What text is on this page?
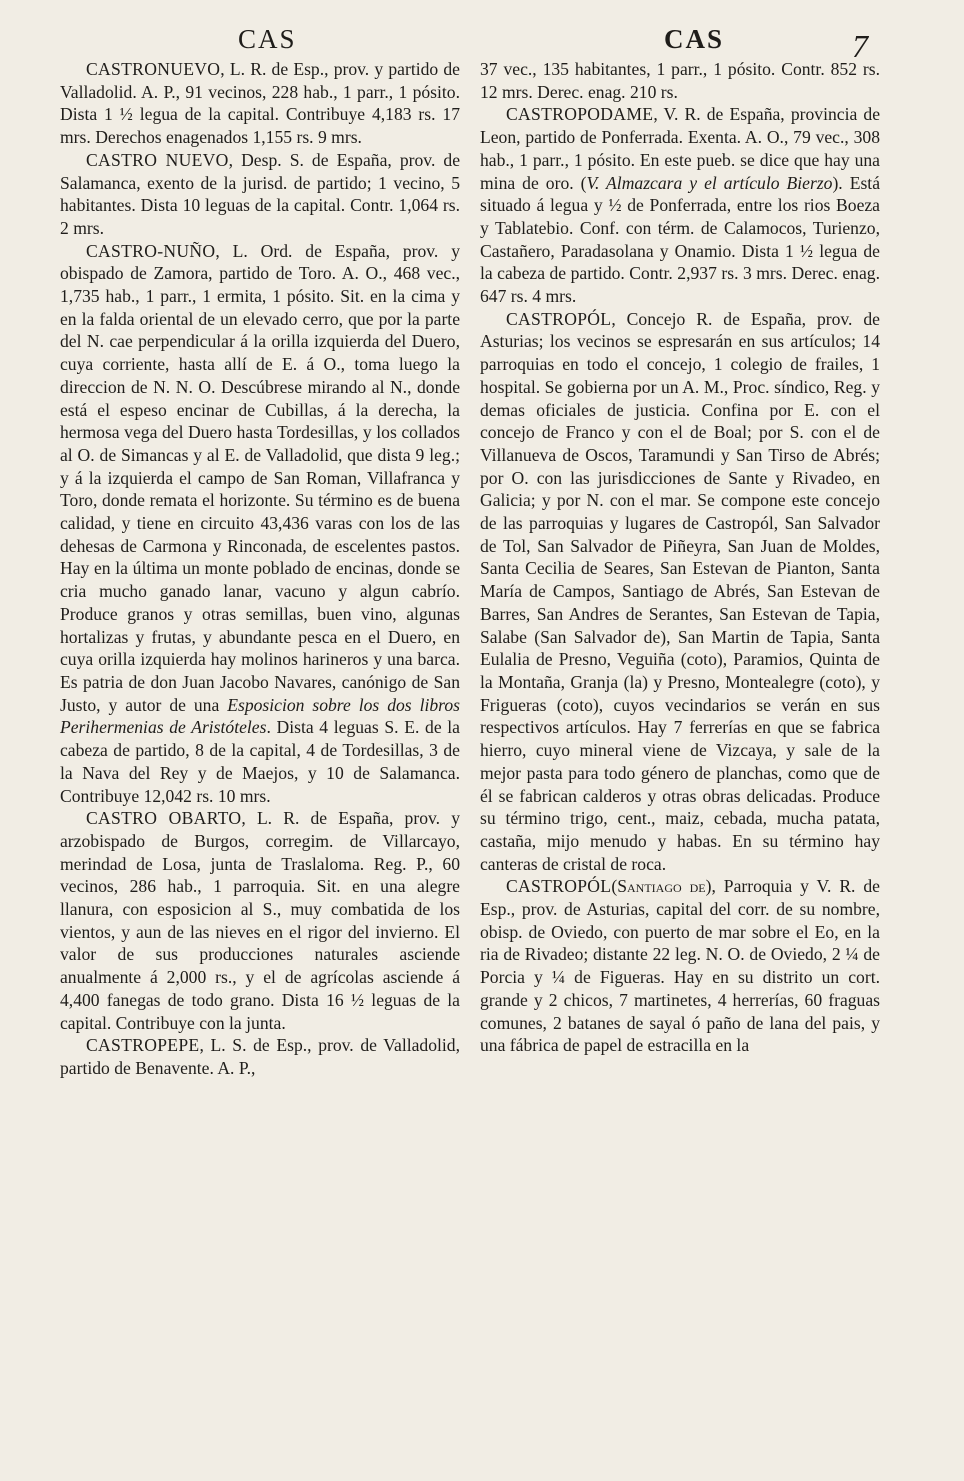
CAS	CAS	7

CASTRONUEVO, L. R. de Esp., prov. y partido de Valladolid. A. P., 91 vecinos, 228 hab., 1 parr., 1 pósito. Dista 1 ½ legua de la capital. Contribuye 4,183 rs. 17 mrs. Derechos enagenados 1,155 rs. 9 mrs.

CASTRO NUEVO, Desp. S. de España, prov. de Salamanca, exento de la jurisd. de partido; 1 vecino, 5 habitantes. Dista 10 leguas de la capital. Contr. 1,064 rs. 2 mrs.

CASTRO-NUÑO, L. Ord. de España, prov. y obispado de Zamora, partido de Toro. A. O., 468 vec., 1,735 hab., 1 parr., 1 ermita, 1 pósito. Sit. en la cima y en la falda oriental de un elevado cerro, que por la parte del N. cae perpendicular á la orilla izquierda del Duero, cuya corriente, hasta allí de E. á O., toma luego la direccion de N. N. O. Descúbrese mirando al N., donde está el espeso encinar de Cubillas, á la derecha, la hermosa vega del Duero hasta Tordesillas, y los collados al O. de Simancas y al E. de Valladolid, que dista 9 leg.; y á la izquierda el campo de San Roman, Villafranca y Toro, donde remata el horizonte. Su término es de buena calidad, y tiene en circuito 43,436 varas con los de las dehesas de Carmona y Rinconada, de escelentes pastos. Hay en la última un monte poblado de encinas, donde se cria mucho ganado lanar, vacuno y algun cabrío. Produce granos y otras semillas, buen vino, algunas hortalizas y frutas, y abundante pesca en el Duero, en cuya orilla izquierda hay molinos harineros y una barca. Es patria de don Juan Jacobo Navares, canónigo de San Justo, y autor de una Esposicion sobre los dos libros Perihermenias de Aristóteles. Dista 4 leguas S. E. de la cabeza de partido, 8 de la capital, 4 de Tordesillas, 3 de la Nava del Rey y de Maejos, y 10 de Salamanca. Contribuye 12,042 rs. 10 mrs.

CASTRO OBARTO, L. R. de España, prov. y arzobispado de Burgos, corregim. de Villarcayo, merindad de Losa, junta de Traslaloma. Reg. P., 60 vecinos, 286 hab., 1 parroquia. Sit. en una alegre llanura, con esposicion al S., muy combatida de los vientos, y aun de las nieves en el rigor del invierno. El valor de sus producciones naturales asciende anualmente á 2,000 rs., y el de agrícolas asciende á 4,400 fanegas de todo grano. Dista 16 ½ leguas de la capital. Contribuye con la junta.

CASTROPEPE, L. S. de Esp., prov. de Valladolid, partido de Benavente. A. P.,

37 vec., 135 habitantes, 1 parr., 1 pósito. Contr. 852 rs. 12 mrs. Derec. enag. 210 rs.

CASTROPODAME, V. R. de España, provincia de Leon, partido de Ponferrada. Exenta. A. O., 79 vec., 308 hab., 1 parr., 1 pósito. En este pueb. se dice que hay una mina de oro. (V. Almazcara y el artículo Bierzo). Está situado á legua y ½ de Ponferrada, entre los rios Boeza y Tablatebio. Conf. con térm. de Calamocos, Turienzo, Castañero, Paradasolana y Onamio. Dista 1 ½ legua de la cabeza de partido. Contr. 2,937 rs. 3 mrs. Derec. enag. 647 rs. 4 mrs.

CASTROPÓL, Concejo R. de España, prov. de Asturias; los vecinos se espresarán en sus artículos; 14 parroquias en todo el concejo, 1 colegio de frailes, 1 hospital. Se gobierna por un A. M., Proc. síndico, Reg. y demas oficiales de justicia. Confina por E. con el concejo de Franco y con el de Boal; por S. con el de Villanueva de Oscos, Taramundi y San Tirso de Abrés; por O. con las jurisdicciones de Sante y Rivadeo, en Galicia; y por N. con el mar. Se compone este concejo de las parroquias y lugares de Castropól, San Salvador de Tol, San Salvador de Piñeyra, San Juan de Moldes, Santa Cecilia de Seares, San Estevan de Pianton, Santa María de Campos, Santiago de Abrés, San Estevan de Barres, San Andres de Serantes, San Estevan de Tapia, Salabe (San Salvador de), San Martin de Tapia, Santa Eulalia de Presno, Veguiña (coto), Paramios, Quinta de la Montaña, Granja (la) y Presno, Montealegre (coto), y Frigueras (coto), cuyos vecindarios se verán en sus respectivos artículos. Hay 7 ferrerías en que se fabrica hierro, cuyo mineral viene de Vizcaya, y sale de la mejor pasta para todo género de planchas, como que de él se fabrican calderos y otras obras delicadas. Produce su término trigo, cent., maiz, cebada, mucha patata, castaña, mijo menudo y habas. En su término hay canteras de cristal de roca.

CASTROPÓL(Santiago de), Parroquia y V. R. de Esp., prov. de Asturias, capital del corr. de su nombre, obisp. de Oviedo, con puerto de mar sobre el Eo, en la ria de Rivadeo; distante 22 leg. N. O. de Oviedo, 2 ¼ de Porcia y ¼ de Figueras. Hay en su distrito un cort. grande y 2 chicos, 7 martinetes, 4 herrerías, 60 fraguas comunes, 2 batanes de sayal ó paño de lana del pais, y una fábrica de papel de estracilla en la
